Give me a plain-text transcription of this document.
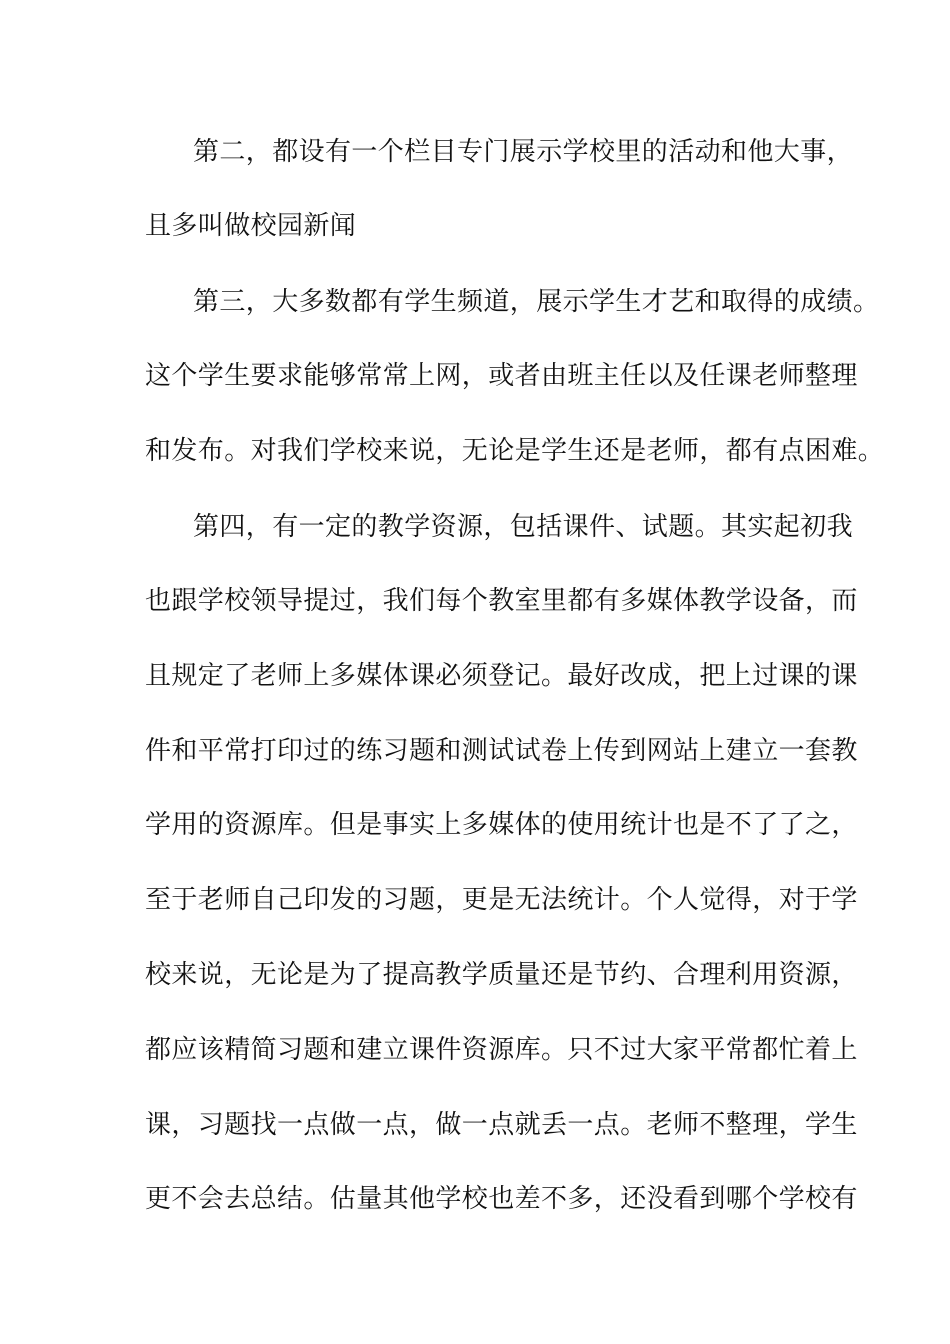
第二，都设有一个栏目专门展示学校里的活动和他大事，
且多叫做校园新闻
第三，大多数都有学生频道，展示学生才艺和取得的成绩。
这个学生要求能够常常上网，或者由班主任以及任课老师整理
和发布。对我们学校来说，无论是学生还是老师，都有点困难。
第四，有一定的教学资源，包括课件、试题。其实起初我
也跟学校领导提过，我们每个教室里都有多媒体教学设备，而
且规定了老师上多媒体课必须登记。最好改成，把上过课的课
件和平常打印过的练习题和测试试卷上传到网站上建立一套教
学用的资源库。但是事实上多媒体的使用统计也是不了了之，
至于老师自己印发的习题，更是无法统计。个人觉得，对于学
校来说，无论是为了提高教学质量还是节约、合理利用资源，
都应该精简习题和建立课件资源库。只不过大家平常都忙着上
课，习题找一点做一点，做一点就丢一点。老师不整理，学生
更不会去总结。估量其他学校也差不多，还没看到哪个学校有
